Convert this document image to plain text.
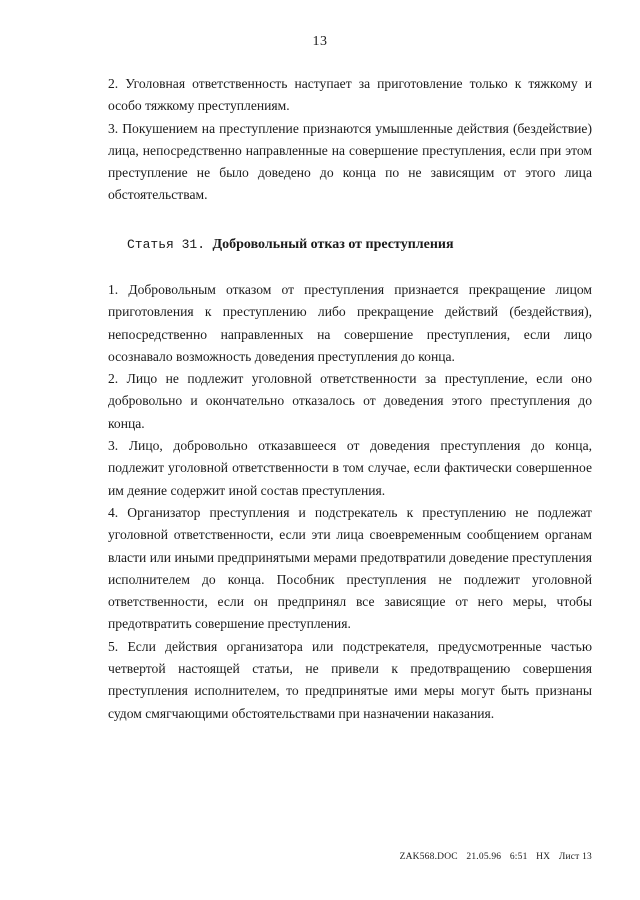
13

2. Уголовная ответственность наступает за приготовление только к тяжкому и особо тяжкому преступлениям.

3. Покушением на преступление признаются умышленные действия (бездействие) лица, непосредственно направленные на совершение преступления, если при этом преступление не было доведено до конца по не зависящим от этого лица обстоятельствам.

Статья 31. Добровольный отказ от преступления

1. Добровольным отказом от преступления признается прекращение лицом приготовления к преступлению либо прекращение действий (бездействия), непосредственно направленных на совершение преступления, если лицо осознавало возможность доведения преступления до конца.

2. Лицо не подлежит уголовной ответственности за преступление, если оно добровольно и окончательно отказалось от доведения этого преступления до конца.

3. Лицо, добровольно отказавшееся от доведения преступления до конца, подлежит уголовной ответственности в том случае, если фактически совершенное им деяние содержит иной состав преступления.

4. Организатор преступления и подстрекатель к преступлению не подлежат уголовной ответственности, если эти лица своевременным сообщением органам власти или иными предпринятыми мерами предотвратили доведение преступления исполнителем до конца. Пособник преступления не подлежит уголовной ответственности, если он предпринял все зависящие от него меры, чтобы предотвратить совершение преступления.

5. Если действия организатора или подстрекателя, предусмотренные частью четвертой настоящей статьи, не привели к предотвращению совершения преступления исполнителем, то предпринятые ими меры могут быть признаны судом смягчающими обстоятельствами при назначении наказания.

ZAK568.DOC 21.05.96 6:51 НХ Лист 13
